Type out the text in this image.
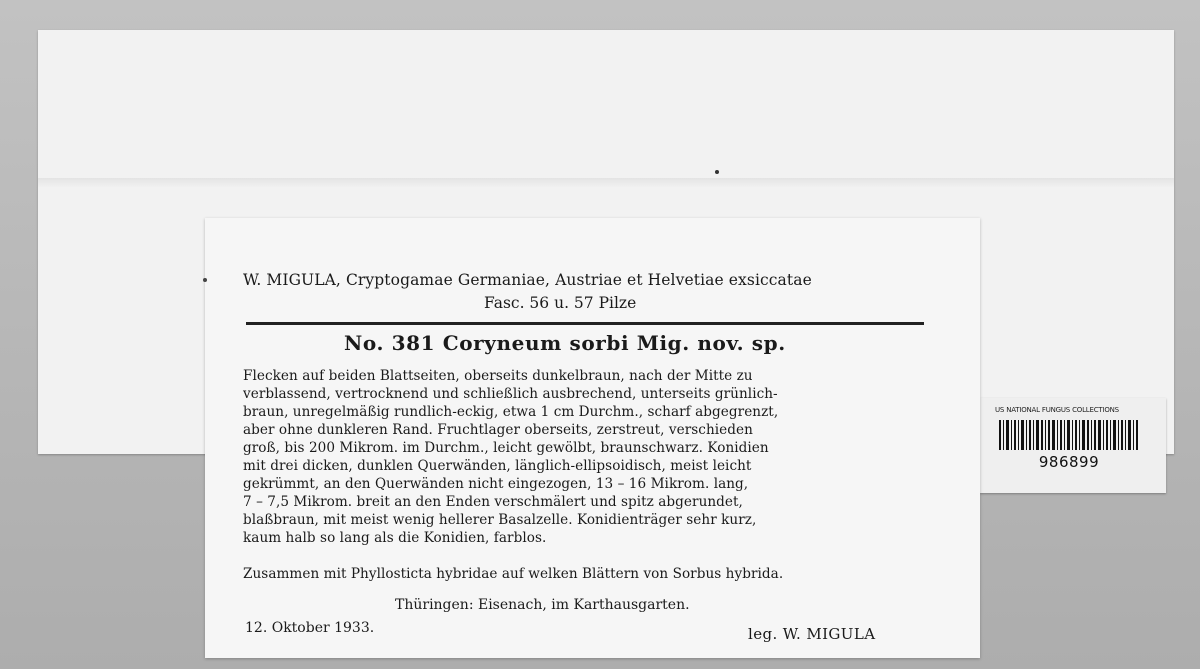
US NATIONAL FUNGUS COLLECTIONS
986899
W. MIGULA, Cryptogamae Germaniae, Austriae et Helvetiae exsiccatae
Fasc. 56 u. 57 Pilze
No. 381 Coryneum sorbi Mig. nov. sp.
Flecken auf beiden Blattseiten, oberseits dunkelbraun, nach der Mitte zu
verblassend, vertrocknend und schließlich ausbrechend, unterseits grünlich-
braun, unregelmäßig rundlich-eckig, etwa 1 cm Durchm., scharf abgegrenzt,
aber ohne dunkleren Rand. Fruchtlager oberseits, zerstreut, verschieden
groß, bis 200 Mikrom. im Durchm., leicht gewölbt, braunschwarz. Konidien
mit drei dicken, dunklen Querwänden, länglich-ellipsoidisch, meist leicht
gekrümmt, an den Querwänden nicht eingezogen, 13 – 16 Mikrom. lang,
7 – 7,5 Mikrom. breit an den Enden verschmälert und spitz abgerundet,
blaßbraun, mit meist wenig hellerer Basalzelle. Konidienträger sehr kurz,
kaum halb so lang als die Konidien, farblos.
Zusammen mit Phyllosticta hybridae auf welken Blättern von Sorbus hybrida.
Thüringen: Eisenach, im Karthausgarten.
12. Oktober 1933.	leg. W. MIGULA
